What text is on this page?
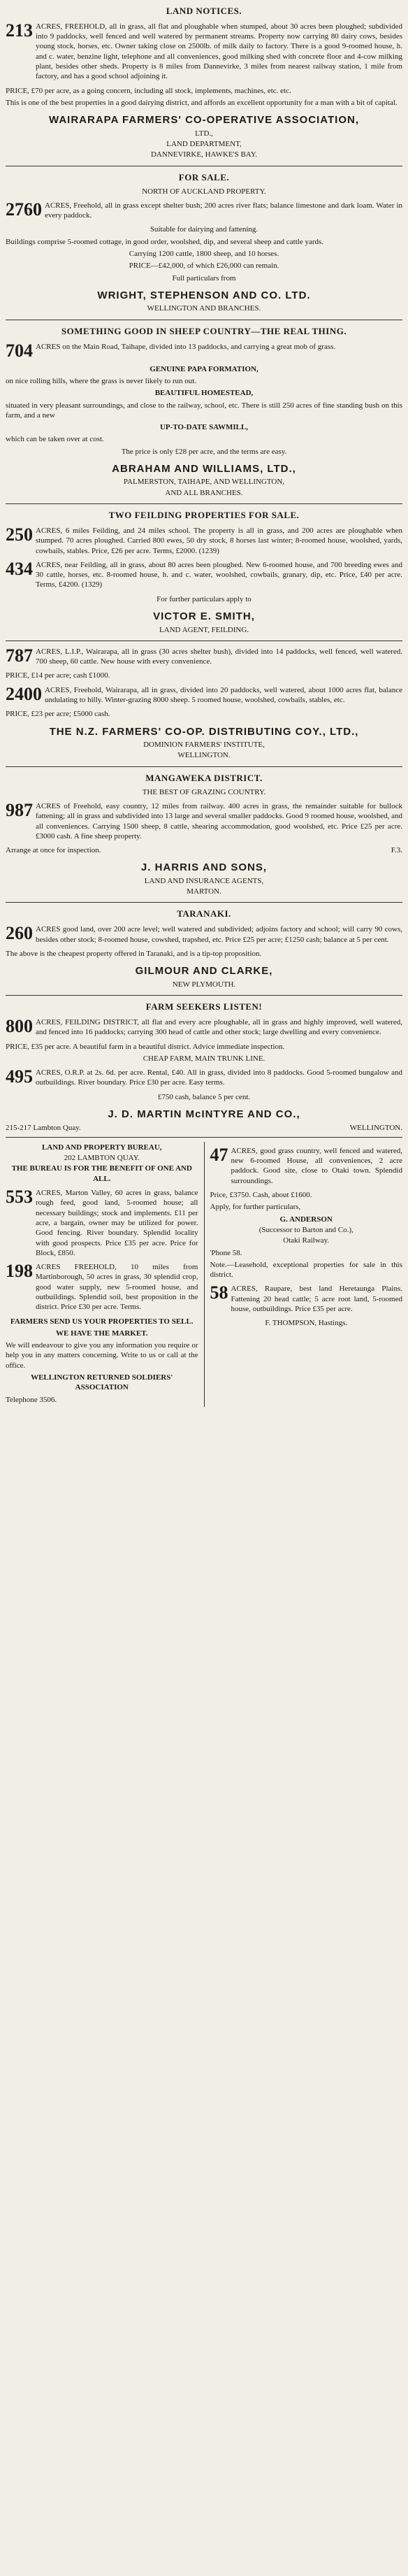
LAND NOTICES.
213 ACRES, FREEHOLD, all in grass, all flat and ploughable when stumped, about 30 acres been ploughed; subdivided into 9 paddocks, well fenced and well watered by permanent streams. Property now carrying 80 dairy cows, besides young stock, horses, etc. Owner taking close on 2500lb. of milk daily to factory. There is a good 9-roomed house, h. and c. water, benzine light, telephone and all conveniences, good milking shed with concrete floor and 4-cow milking plant, besides other sheds. Property is 8 miles from Dannevirke, 3 miles from nearest railway station, 1 mile from factory, and has a good school adjoining it.

PRICE, £70 per acre, as a going concern, including all stock, implements, machines, etc. etc.

This is one of the best properties in a good dairying district, and affords an excellent opportunity for a man with a bit of capital.

WAIRARAPA FARMERS' CO-OPERATIVE ASSOCIATION,
LTD.,
LAND DEPARTMENT,
DANNEVIRKE, HAWKE'S BAY.
FOR SALE.
NORTH OF AUCKLAND PROPERTY.
2760 ACRES, Freehold, all in grass except shelter bush; 200 acres river flats; balance limestone and dark loam. Water in every paddock.

Suitable for dairying and fattening.

Buildings comprise 5-roomed cottage, in good order, woolshed, dip, and several sheep and cattle yards.

Carrying 1200 cattle, 1800 sheep, and 10 horses.

PRICE—£42,000, of which £26,000 can remain.

Full particulars from

WRIGHT, STEPHENSON AND CO. LTD.
WELLINGTON AND BRANCHES.
SOMETHING GOOD IN SHEEP COUNTRY—THE REAL THING.
704 ACRES on the Main Road, Taihape, divided into 13 paddocks, and carrying a great mob of grass.

GENUINE PAPA FORMATION,

on nice rolling hills, where the grass is never likely to run out.

BEAUTIFUL HOMESTEAD,

situated in very pleasant surroundings, and close to the railway, school, etc. There is still 250 acres of fine standing bush on this farm, and a new

UP-TO-DATE SAWMILL,

which can be taken over at cost.

The price is only £28 per acre, and the terms are easy.

ABRAHAM AND WILLIAMS, LTD.,
PALMERSTON, TAIHAPE, AND WELLINGTON,
AND ALL BRANCHES.
TWO FEILDING PROPERTIES FOR SALE.
250 ACRES, 6 miles Feilding, and 24 miles school. The property is all in grass, and 200 acres are ploughable when stumped. 70 acres ploughed. Carried 800 ewes, 50 dry stock, 8 horses last winter; 8-roomed house, woolshed, yards, cowbails, stables. Price, £26 per acre. Terms, £2000. (1239)
434 ACRES, near Feilding, all in grass, about 80 acres been ploughed. New 6-roomed house, and 700 breeding ewes and 30 cattle, horses, etc. 8-roomed house, h. and c. water, woolshed, cowbails, granary, dip, etc. Price, £40 per acre. Terms, £4200. (1329)

For further particulars apply to

VICTOR E. SMITH,
LAND AGENT, FEILDING.
787 ACRES, L.I.P., Wairarapa, all in grass (30 acres shelter bush), divided into 14 paddocks, well fenced, well watered. 700 sheep, 60 cattle. New house with every convenience.

PRICE, £14 per acre; cash £1000.

2400 ACRES, Freehold, Wairarapa, all in grass, divided into 20 paddocks, well watered, about 1000 acres flat, balance undulating to hilly. Winter-grazing 8000 sheep. 5 roomed house, woolshed, cowbails, stables, etc.

PRICE, £23 per acre; £5000 cash.

THE N.Z. FARMERS' CO-OP. DISTRIBUTING COY., LTD.,
DOMINION FARMERS' INSTITUTE,
WELLINGTON.
MANGAWEKA DISTRICT.
THE BEST OF GRAZING COUNTRY.
987 ACRES of Freehold, easy country, 12 miles from railway. 400 acres in grass, the remainder suitable for bullock fattening; all in grass and subdivided into 13 large and several smaller paddocks. Good 9 roomed house, woolshed, and all conveniences. Carrying 1500 sheep, 8 cattle, shearing accommodation, good woolshed, etc. Price £25 per acre. £3000 cash. A fine sheep property.
Arrange at once for inspection.	F.3.
J. HARRIS AND SONS,
LAND AND INSURANCE AGENTS,
MARTON.
TARANAKI.
260 ACRES good land, over 200 acre level; well watered and subdivided; adjoins factory and school; will carry 90 cows, besides other stock; 8-roomed house, cowshed, trapshed, etc. Price £25 per acre; £1250 cash; balance at 5 per cent.

The above is the cheapest property offered in Taranaki, and is a tip-top proposition.

GILMOUR AND CLARKE,
NEW PLYMOUTH.
FARM SEEKERS LISTEN!
800 ACRES, FEILDING DISTRICT, all flat and every acre ploughable, all in grass and highly improved, well watered, and fenced into 16 paddocks; carrying 300 head of cattle and other stock; large dwelling and every convenience.

PRICE, £35 per acre. A beautiful farm in a beautiful district. Advice immediate inspection.

CHEAP FARM, MAIN TRUNK LINE.

495 ACRES, O.R.P. at 2s. 6d. per acre. Rental, £40. All in grass, divided into 8 paddocks. Good 5-roomed bungalow and outbuildings. River boundary. Price £30 per acre. Easy terms.

£750 cash, balance 5 per cent.

J. D. MARTIN McINTYRE AND CO.,
215-217 Lambton Quay.	WELLINGTON.
LAND AND PROPERTY BUREAU,
202 LAMBTON QUAY.
THE BUREAU IS FOR THE BENEFIT OF ONE AND ALL.
553 ACRES, Marton Valley, 60 acres in grass, balance rough feed, good land, 5-roomed house; all necessary buildings; stock and implements. £11 per acre, a bargain, owner may be utilized for power. Good fencing. River boundary. Splendid locality with good prospects. Price £35 per acre. Price for Block, £850.
198 ACRES FREEHOLD, 10 miles from Martinborough, 50 acres in grass, 30 splendid crop, good water supply, new 5-roomed house, and outbuildings. Splendid soil, best proposition in the district. Price £30 per acre. Terms.

FARMERS SEND US YOUR PROPERTIES TO SELL.

WE HAVE THE MARKET.

We will endeavour to give you any information you require or help you in any matters concerning. Write to us or call at the office.

WELLINGTON RETURNED SOLDIERS' ASSOCIATION

Telephone 3506.

47 ACRES, good grass country, well fenced and watered, new 6-roomed House, all conveniences, 2 acre paddock. Good site, close to Otaki town. Splendid surroundings.

Price, £3750. Cash, about £1600.

Apply, for further particulars,

G. ANDERSON
(Successor to Barton and Co.),
Otaki Railway.

'Phone 58.

Note.—Leasehold, exceptional properties for sale in this district.

58 ACRES, Raupare, best land Heretaunga Plains. Fattening 20 head cattle; 5 acre root land, 5-roomed house, outbuildings. Price £35 per acre.

F. THOMPSON, Hastings.
